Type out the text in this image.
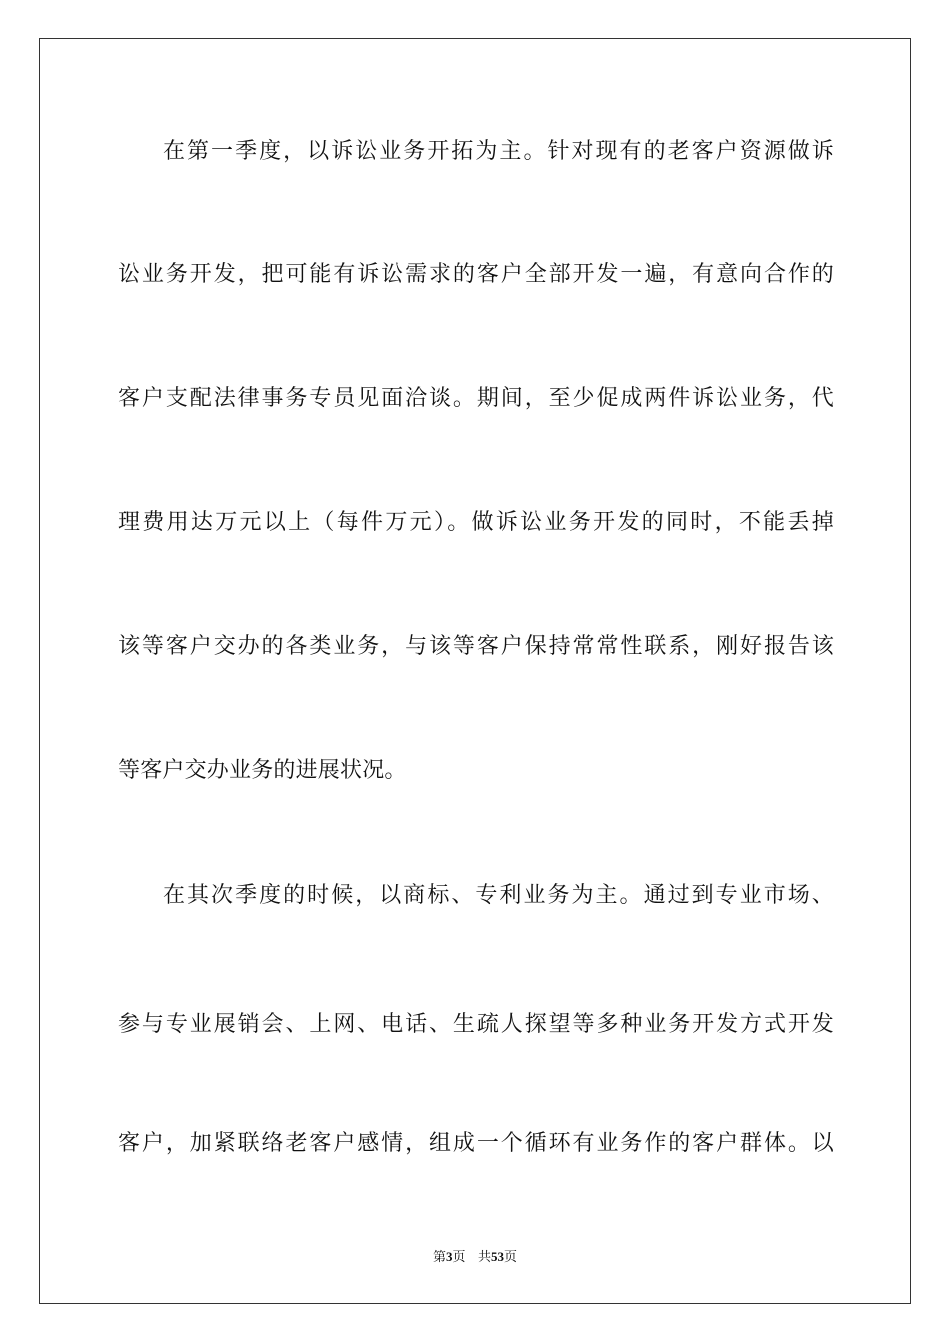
在第一季度，以诉讼业务开拓为主。针对现有的老客户资源做诉
讼业务开发，把可能有诉讼需求的客户全部开发一遍，有意向合作的
客户支配法律事务专员见面洽谈。期间，至少促成两件诉讼业务，代
理费用达万元以上（每件万元）。做诉讼业务开发的同时，不能丢掉
该等客户交办的各类业务，与该等客户保持常常性联系，刚好报告该
等客户交办业务的进展状况。
在其次季度的时候，以商标、专利业务为主。通过到专业市场、
参与专业展销会、上网、电话、生疏人探望等多种业务开发方式开发
客户，加紧联络老客户感情，组成一个循环有业务作的客户群体。以
第3页 共53页
